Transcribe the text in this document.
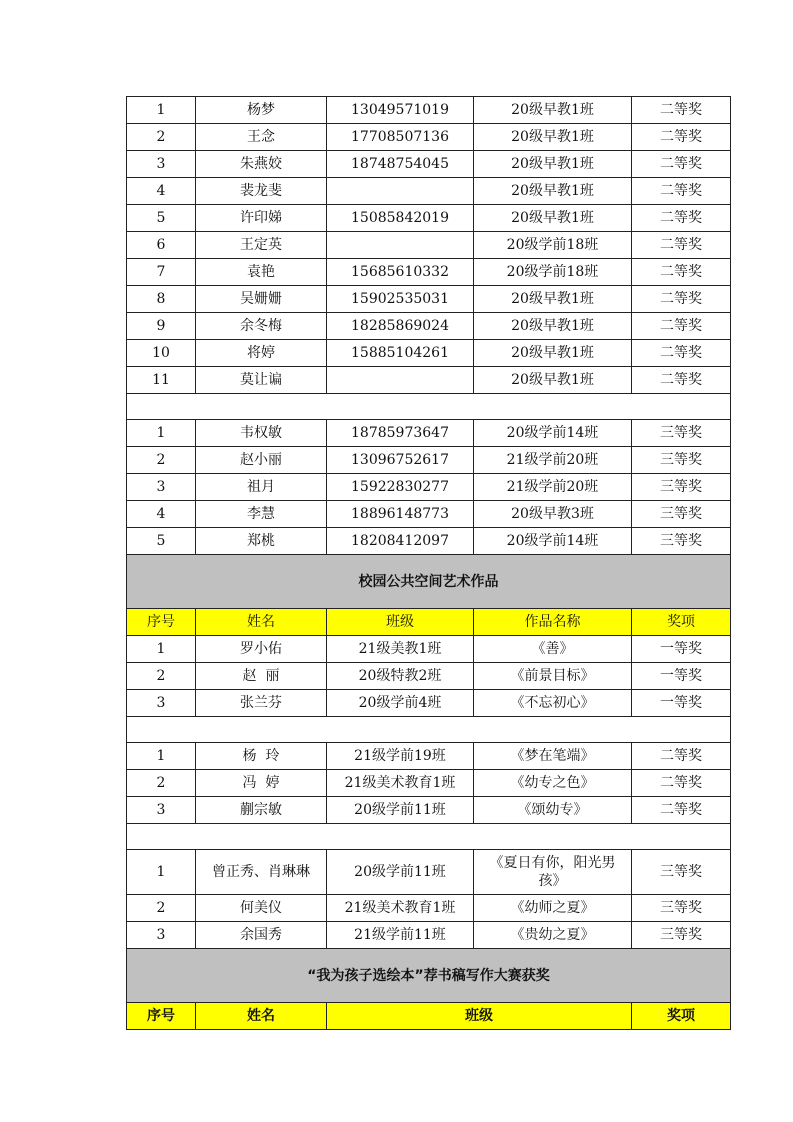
1	杨梦	13049571019	20级早教1班	二等奖
2	王念	17708507136	20级早教1班	二等奖
3	朱燕姣	18748754045	20级早教1班	二等奖
4	裴龙斐		20级早教1班	二等奖
5	许印娣	15085842019	20级早教1班	二等奖
6	王定英		20级学前18班	二等奖
7	袁艳	15685610332	20级学前18班	二等奖
8	吴姗姗	15902535031	20级早教1班	二等奖
9	余冬梅	18285869024	20级早教1班	二等奖
10	将婷	15885104261	20级早教1班	二等奖
11	莫让谝		20级早教1班	二等奖

1	韦权敏	18785973647	20级学前14班	三等奖
2	赵小丽	13096752617	21级学前20班	三等奖
3	祖月	15922830277	21级学前20班	三等奖
4	李慧	18896148773	20级早教3班	三等奖
5	郑桃	18208412097	20级学前14班	三等奖
校园公共空间艺术作品				
序号	姓名	班级	作品名称	奖项
1	罗小佑	21级美教1班	《善》	一等奖
2	赵  丽	20级特教2班	《前景目标》	一等奖
3	张兰芬	20级学前4班	《不忘初心》	一等奖

1	杨  玲	21级学前19班	《梦在笔端》	二等奖
2	冯  婷	21级美术教育1班	《幼专之色》	二等奖
3	蒯宗敏	20级学前11班	《颂幼专》	二等奖

1	曾正秀、肖琳琳	20级学前11班	《夏日有你，阳光男孩》	三等奖
2	何美仪	21级美术教育1班	《幼师之夏》	三等奖
3	余国秀	21级学前11班	《贵幼之夏》	三等奖
“我为孩子选绘本”荐书稿写作大赛获奖				
序号	姓名	班级		奖项
